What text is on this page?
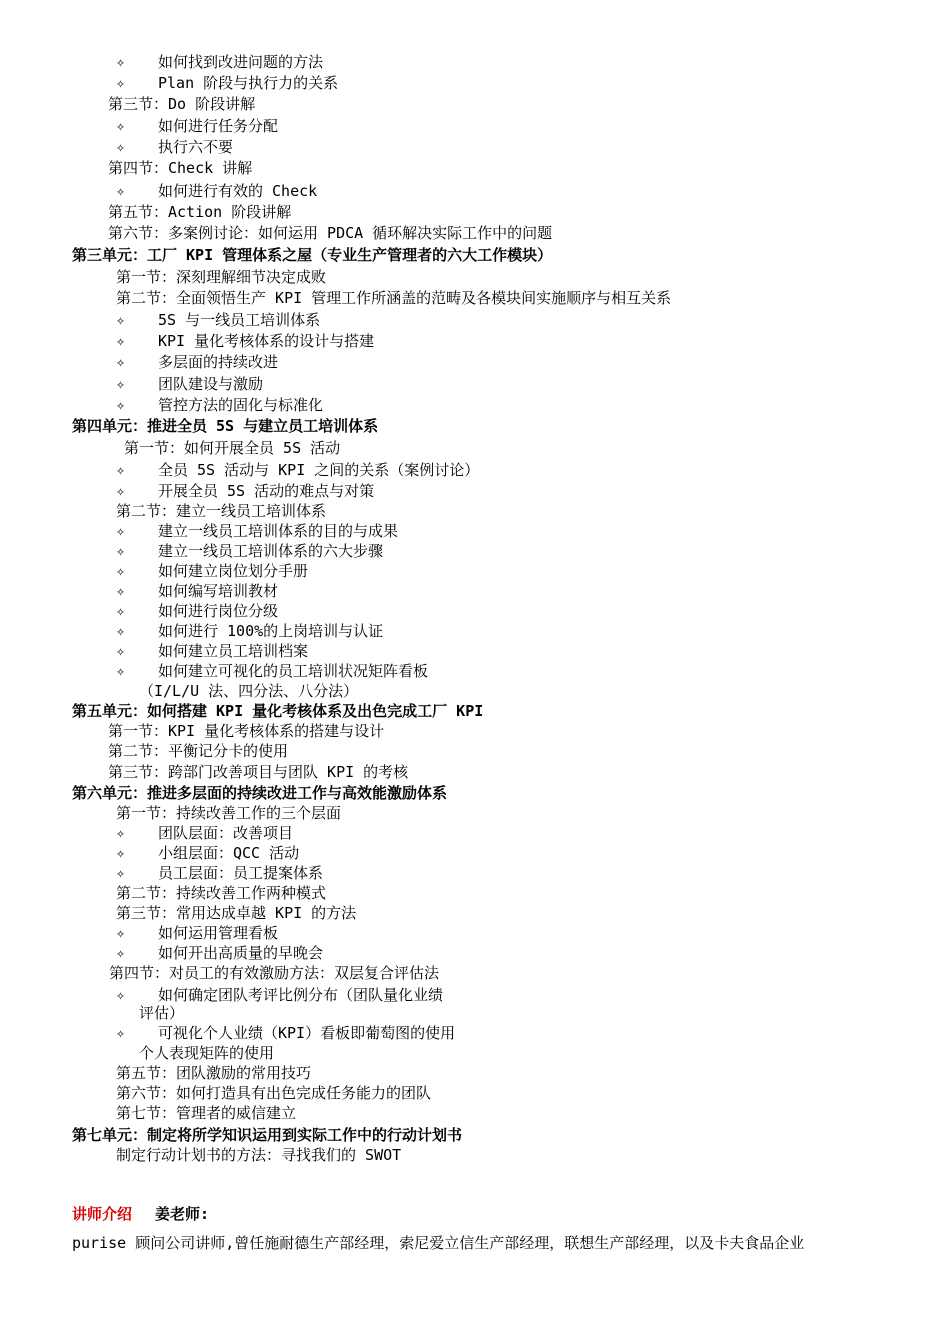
✧ 如何找到改进问题的方法
✧ Plan 阶段与执行力的关系
第三节：Do 阶段讲解
✧ 如何进行任务分配
✧ 执行六不要
第四节：Check 讲解
✧ 如何进行有效的 Check
第五节：Action 阶段讲解
第六节：多案例讨论：如何运用 PDCA 循环解决实际工作中的问题
第三单元：工厂 KPI 管理体系之屋（专业生产管理者的六大工作模块）
第一节：深刻理解细节决定成败
第二节：全面领悟生产 KPI 管理工作所涵盖的范畴及各模块间实施顺序与相互关系
✧ 5S 与一线员工培训体系
✧ KPI 量化考核体系的设计与搭建
✧ 多层面的持续改进
✧ 团队建设与激励
✧ 管控方法的固化与标准化
第四单元：推进全员 5S 与建立员工培训体系
第一节：如何开展全员 5S 活动
✧ 全员 5S 活动与 KPI 之间的关系（案例讨论）
✧ 开展全员 5S 活动的难点与对策
第二节：建立一线员工培训体系
✧ 建立一线员工培训体系的目的与成果
✧ 建立一线员工培训体系的六大步骤
✧ 如何建立岗位划分手册
✧ 如何编写培训教材
✧ 如何进行岗位分级
✧ 如何进行 100%的上岗培训与认证
✧ 如何建立员工培训档案
✧ 如何建立可视化的员工培训状况矩阵看板
（I/L/U 法、四分法、八分法）
第五单元：如何搭建 KPI 量化考核体系及出色完成工厂 KPI
第一节：KPI 量化考核体系的搭建与设计
第二节：平衡记分卡的使用
第三节：跨部门改善项目与团队 KPI 的考核
第六单元：推进多层面的持续改进工作与高效能激励体系
第一节：持续改善工作的三个层面
✧ 团队层面：改善项目
✧ 小组层面：QCC 活动
✧ 员工层面：员工提案体系
第二节：持续改善工作两种模式
第三节：常用达成卓越 KPI 的方法
✧ 如何运用管理看板
✧ 如何开出高质量的早晚会
第四节：对员工的有效激励方法：双层复合评估法
✧ 如何确定团队考评比例分布（团队量化业绩
评估）
✧ 可视化个人业绩（KPI）看板即葡萄图的使用
个人表现矩阵的使用
第五节：团队激励的常用技巧
第六节：如何打造具有出色完成任务能力的团队
第七节：管理者的威信建立
第七单元：制定将所学知识运用到实际工作中的行动计划书
制定行动计划书的方法：寻找我们的 SWOT
讲师介绍 姜老师:
purise 顾问公司讲师,曾任施耐德生产部经理，索尼爱立信生产部经理，联想生产部经理，以及卡夫食品企业
